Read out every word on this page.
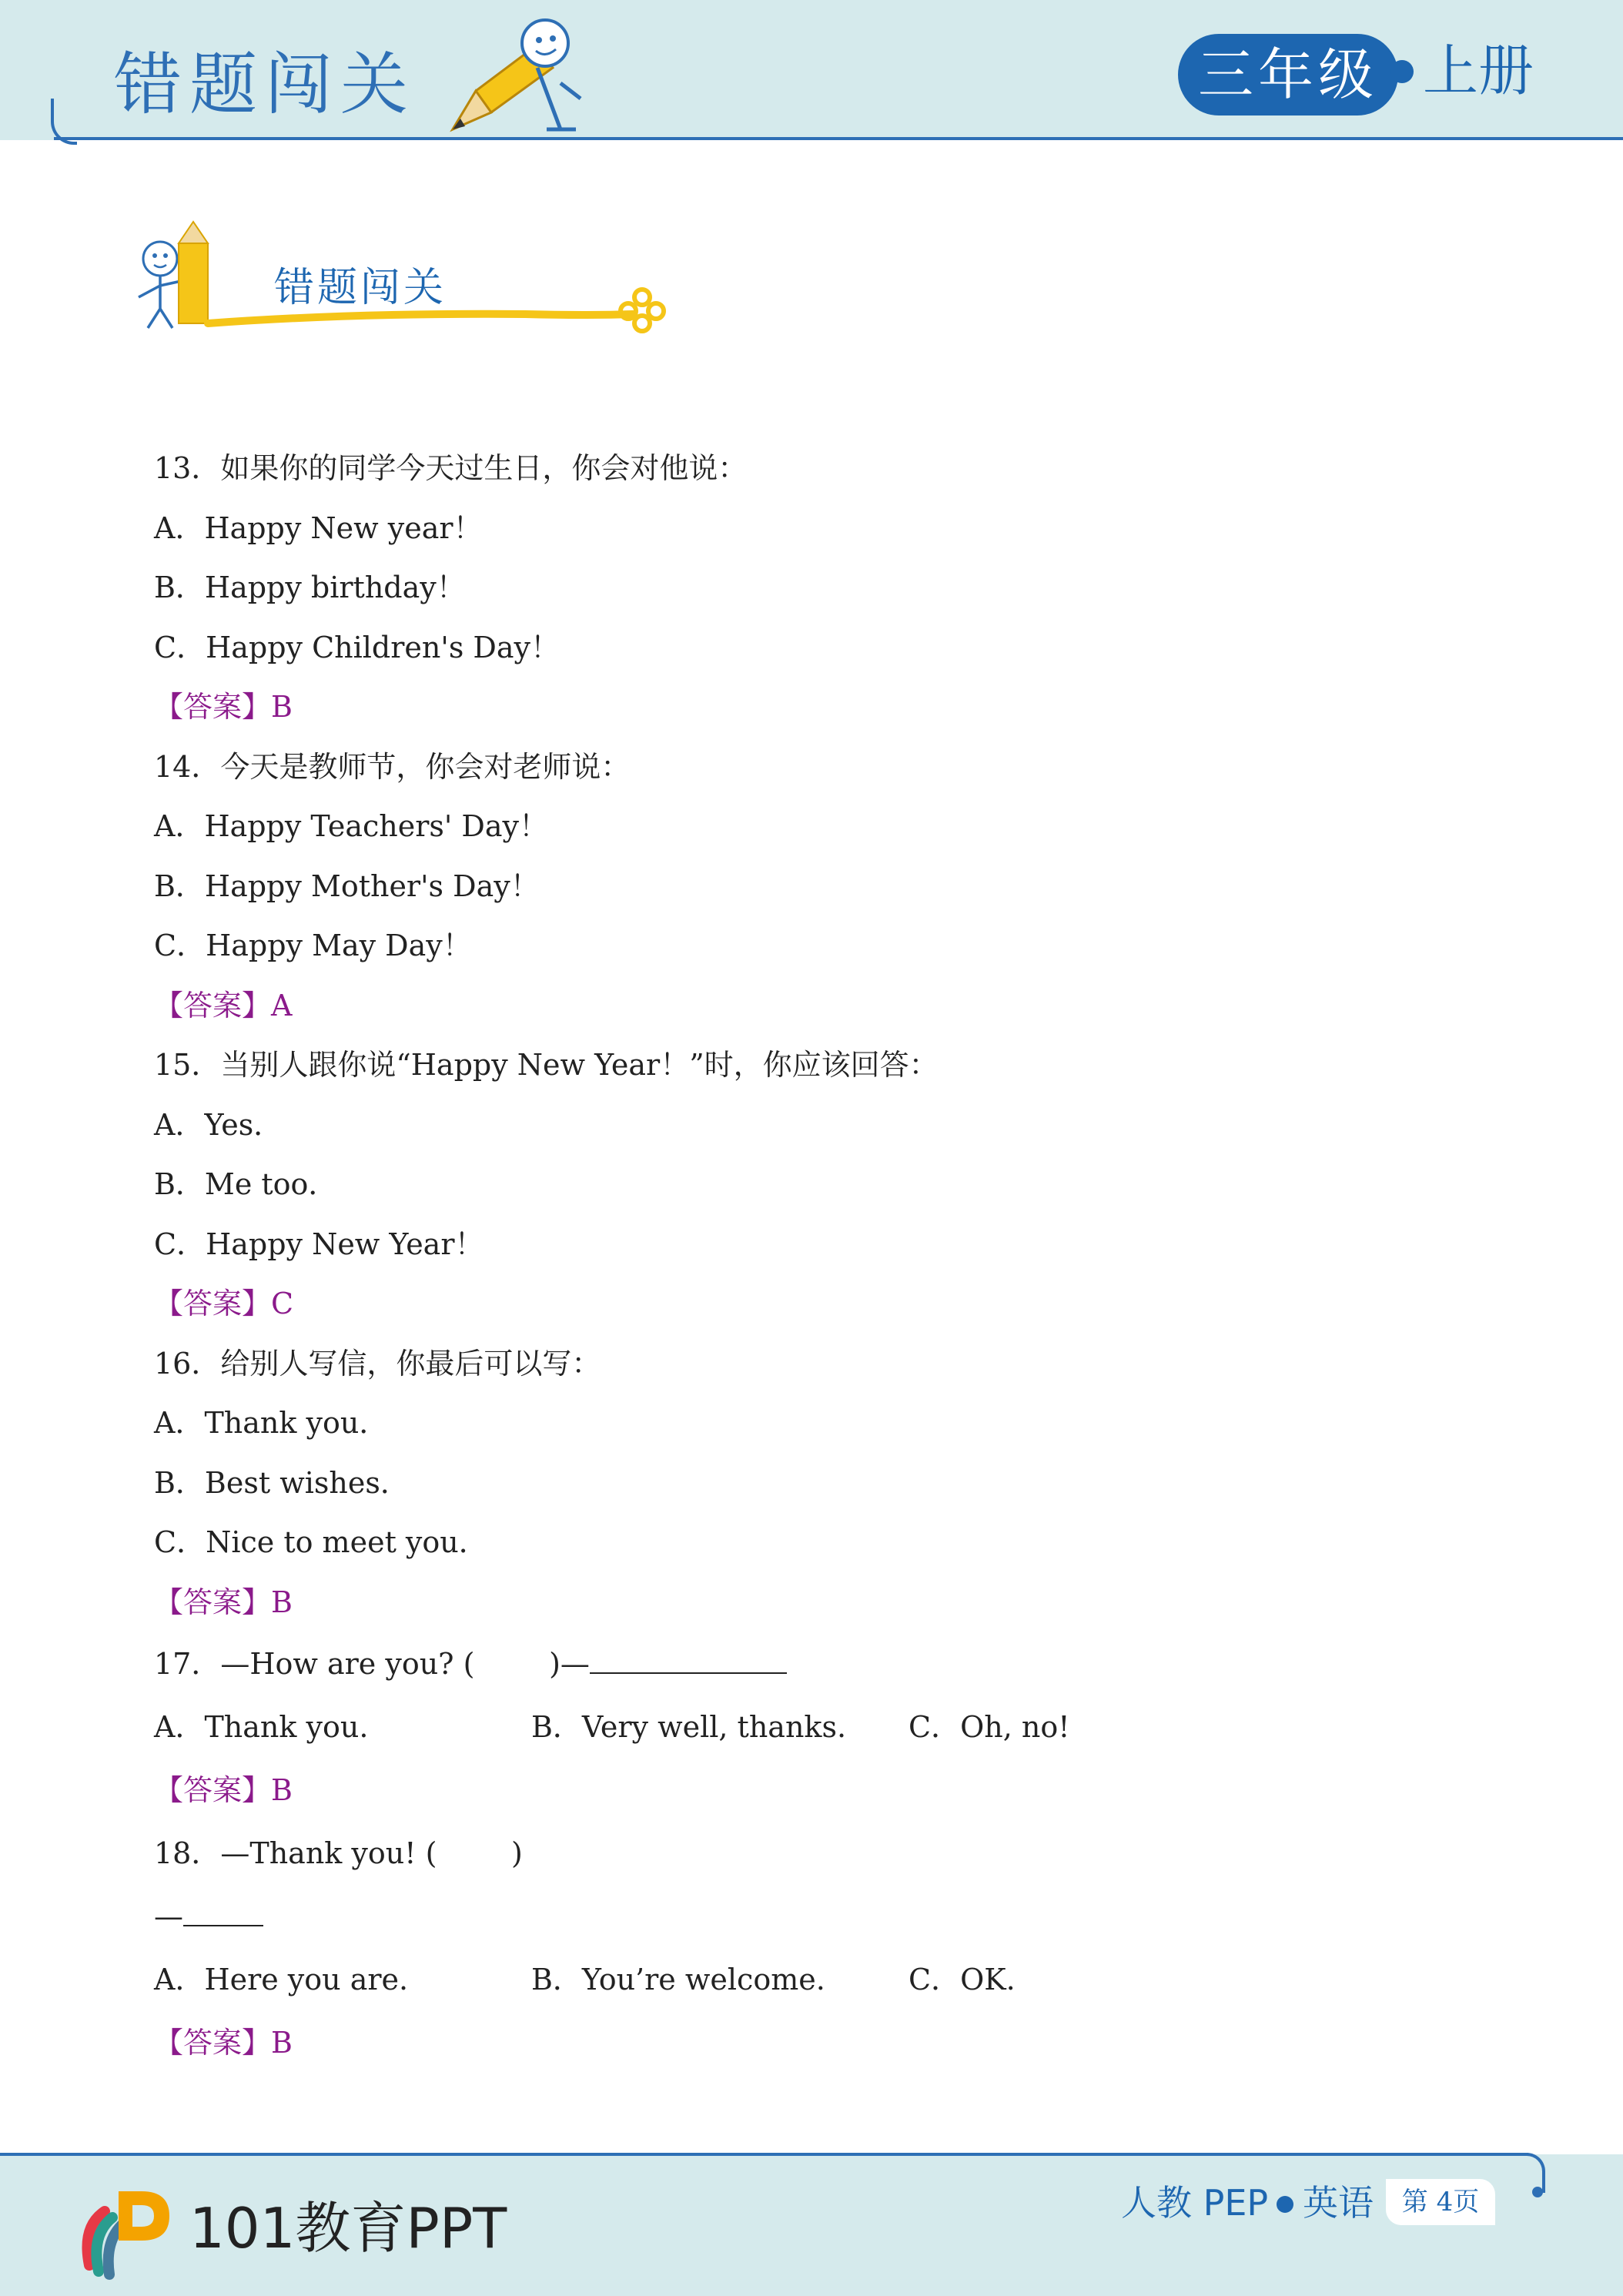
错题闯关	三年级 上册
错题闯关
13．如果你的同学今天过生日，你会对他说：
A．Happy New year！
B．Happy birthday！
C．Happy Children's Day！
【答案】B
14．今天是教师节，你会对老师说：
A．Happy Teachers' Day！
B．Happy Mother's Day！
C．Happy May Day！
【答案】A
15．当别人跟你说“Happy New Year！”时，你应该回答：
A．Yes．
B．Me too．
C．Happy New Year！
【答案】C
16．给别人写信，你最后可以写：
A．Thank you．
B．Best wishes．
C．Nice to meet you．
【答案】B
17．—How are you? (        )—
A．Thank you.	B．Very well, thanks.	C．Oh, no!
【答案】B
18．—Thank you! (        )
—
A．Here you are.	B．You’re welcome.	C．OK.
【答案】B
101教育PPT	人教 PEP 英语	第 4页
